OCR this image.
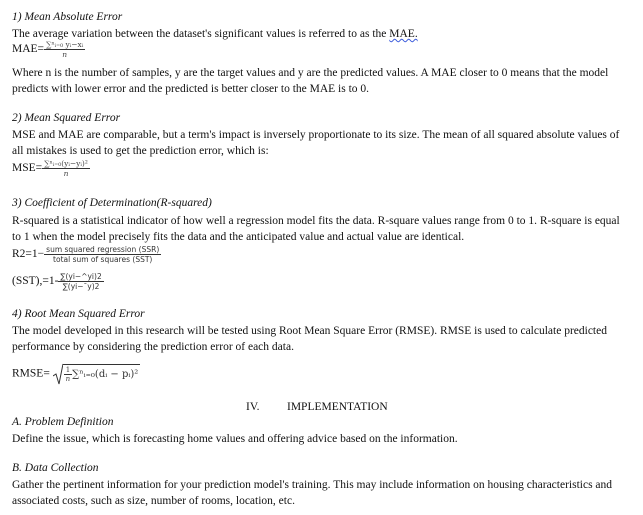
1) Mean Absolute Error
The average variation between the dataset's significant values is referred to as the MAE.
$MAE= \frac{\text{∑ⁿᵢ₌₀ yᵢ−xᵢ}}{n}$
Where n is the number of samples, y are the target values and y are the predicted values. A MAE closer to 0 means that the model
predicts with lower error and the predicted is better closer to the MAE is to 0.
2) Mean Squared Error
MSE and MAE are comparable, but a term's impact is inversely proportionate to its size. The mean of all squared absolute values of
all mistakes is used to get the prediction error, which is:
$MSE= \frac{\text{∑ⁿᵢ₌₀(yᵢ−yᵢ)²}}{n}$
3) Coefficient of Determination(R-squared)
R-squared is a statistical indicator of how well a regression model fits the data. R-square values range from 0 to 1. R-square is equal
to 1 when the model precisely fits the data and the anticipated value and actual value are identical.
$R2=1- \frac{\text{sum squared regression (SSR)}}{\text{total sum of squares (SST)}}$
$(SST),=1- \frac{\sum(yi-\^{}yi)2}{\sum(yi-¯y)2}$
4) Root Mean Squared Error
The model developed in this research will be tested using Root Mean Square Error (RMSE). RMSE is used to calculate predicted
performance by considering the prediction error of each data.
RMSE= $\frac{1}{n}$ ∑ⁿᵢ₌₀(dᵢ − pᵢ)²
IV. IMPLEMENTATION
A. Problem Definition
Define the issue, which is forecasting home values and offering advice based on the information.
B. Data Collection
Gather the pertinent information for your prediction model's training. This may include information on housing characteristics and
associated costs, such as size, number of rooms, location, etc.
